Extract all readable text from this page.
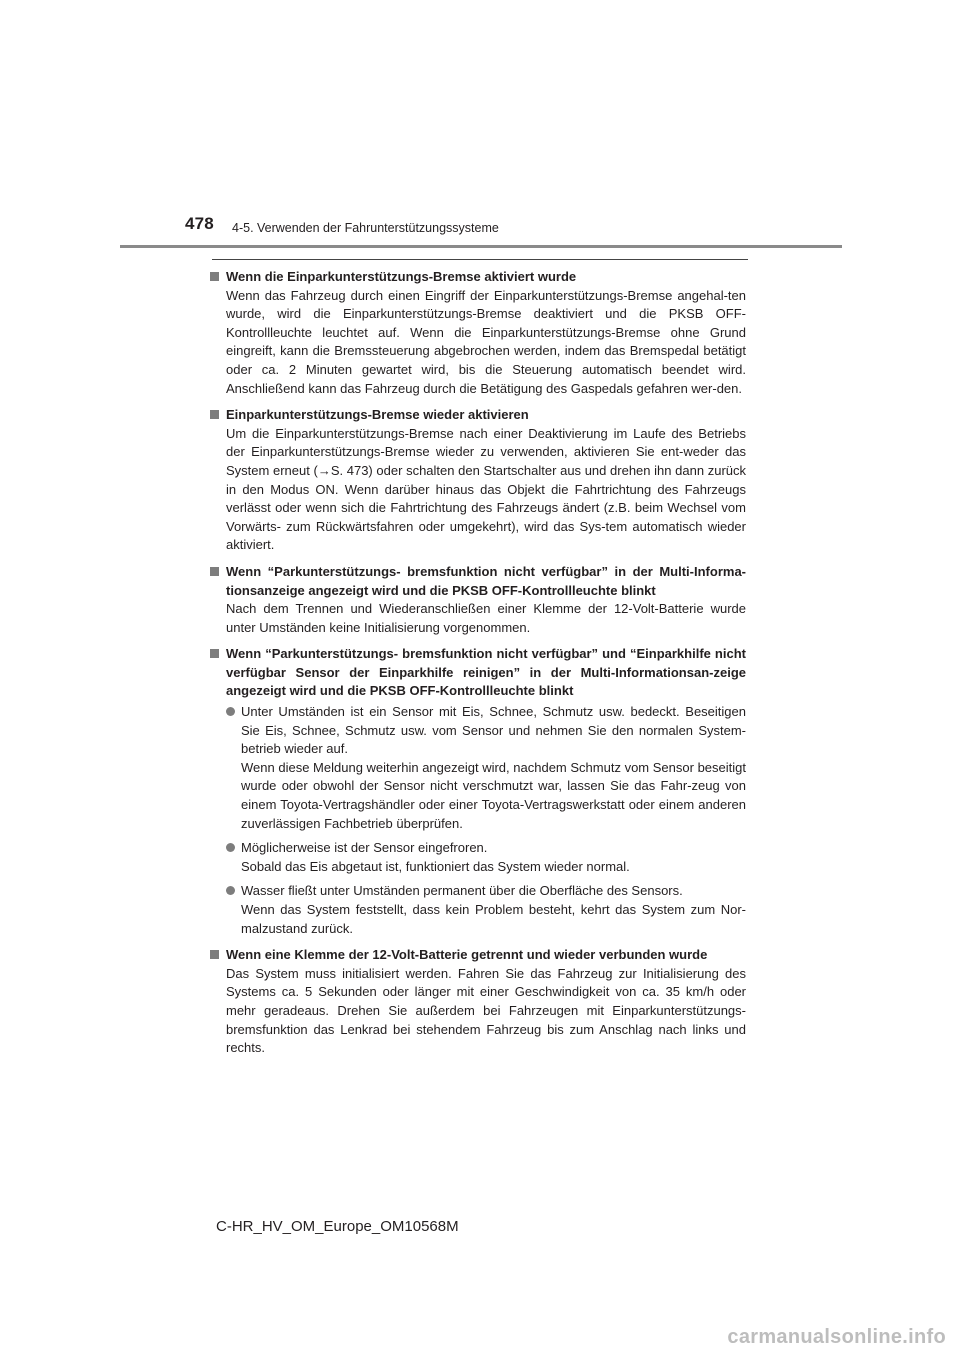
478 4-5. Verwenden der Fahrunterstützungssysteme
Wenn die Einparkunterstützungs-Bremse aktiviert wurde
Wenn das Fahrzeug durch einen Eingriff der Einparkunterstützungs-Bremse angehal-ten wurde, wird die Einparkunterstützungs-Bremse deaktiviert und die PKSB OFF-Kontrollleuchte leuchtet auf. Wenn die Einparkunterstützungs-Bremse ohne Grund eingreift, kann die Bremssteuerung abgebrochen werden, indem das Bremspedal betätigt oder ca. 2 Minuten gewartet wird, bis die Steuerung automatisch beendet wird. Anschließend kann das Fahrzeug durch die Betätigung des Gaspedals gefahren wer-den.
Einparkunterstützungs-Bremse wieder aktivieren
Um die Einparkunterstützungs-Bremse nach einer Deaktivierung im Laufe des Betriebs der Einparkunterstützungs-Bremse wieder zu verwenden, aktivieren Sie ent-weder das System erneut (→S. 473) oder schalten den Startschalter aus und drehen ihn dann zurück in den Modus ON. Wenn darüber hinaus das Objekt die Fahrtrichtung des Fahrzeugs verlässt oder wenn sich die Fahrtrichtung des Fahrzeugs ändert (z.B. beim Wechsel vom Vorwärts- zum Rückwärtsfahren oder umgekehrt), wird das Sys-tem automatisch wieder aktiviert.
Wenn “Parkunterstützungs- bremsfunktion nicht verfügbar” in der Multi-Informa-tionsanzeige angezeigt wird und die PKSB OFF-Kontrollleuchte blinkt
Nach dem Trennen und Wiederanschließen einer Klemme der 12-Volt-Batterie wurde unter Umständen keine Initialisierung vorgenommen.
Wenn “Parkunterstützungs- bremsfunktion nicht verfügbar” und “Einparkhilfe nicht verfügbar Sensor der Einparkhilfe reinigen” in der Multi-Informationsan-zeige angezeigt wird und die PKSB OFF-Kontrollleuchte blinkt
Unter Umständen ist ein Sensor mit Eis, Schnee, Schmutz usw. bedeckt. Beseitigen Sie Eis, Schnee, Schmutz usw. vom Sensor und nehmen Sie den normalen System-betrieb wieder auf.
Wenn diese Meldung weiterhin angezeigt wird, nachdem Schmutz vom Sensor beseitigt wurde oder obwohl der Sensor nicht verschmutzt war, lassen Sie das Fahr-zeug von einem Toyota-Vertragshändler oder einer Toyota-Vertragswerkstatt oder einem anderen zuverlässigen Fachbetrieb überprüfen.
Möglicherweise ist der Sensor eingefroren.
Sobald das Eis abgetaut ist, funktioniert das System wieder normal.
Wasser fließt unter Umständen permanent über die Oberfläche des Sensors.
Wenn das System feststellt, dass kein Problem besteht, kehrt das System zum Nor-malzustand zurück.
Wenn eine Klemme der 12-Volt-Batterie getrennt und wieder verbunden wurde
Das System muss initialisiert werden. Fahren Sie das Fahrzeug zur Initialisierung des Systems ca. 5 Sekunden oder länger mit einer Geschwindigkeit von ca. 35 km/h oder mehr geradeaus. Drehen Sie außerdem bei Fahrzeugen mit Einparkunterstützungs-bremsfunktion das Lenkrad bei stehendem Fahrzeug bis zum Anschlag nach links und rechts.
C-HR_HV_OM_Europe_OM10568M
carmanualsonline.info
